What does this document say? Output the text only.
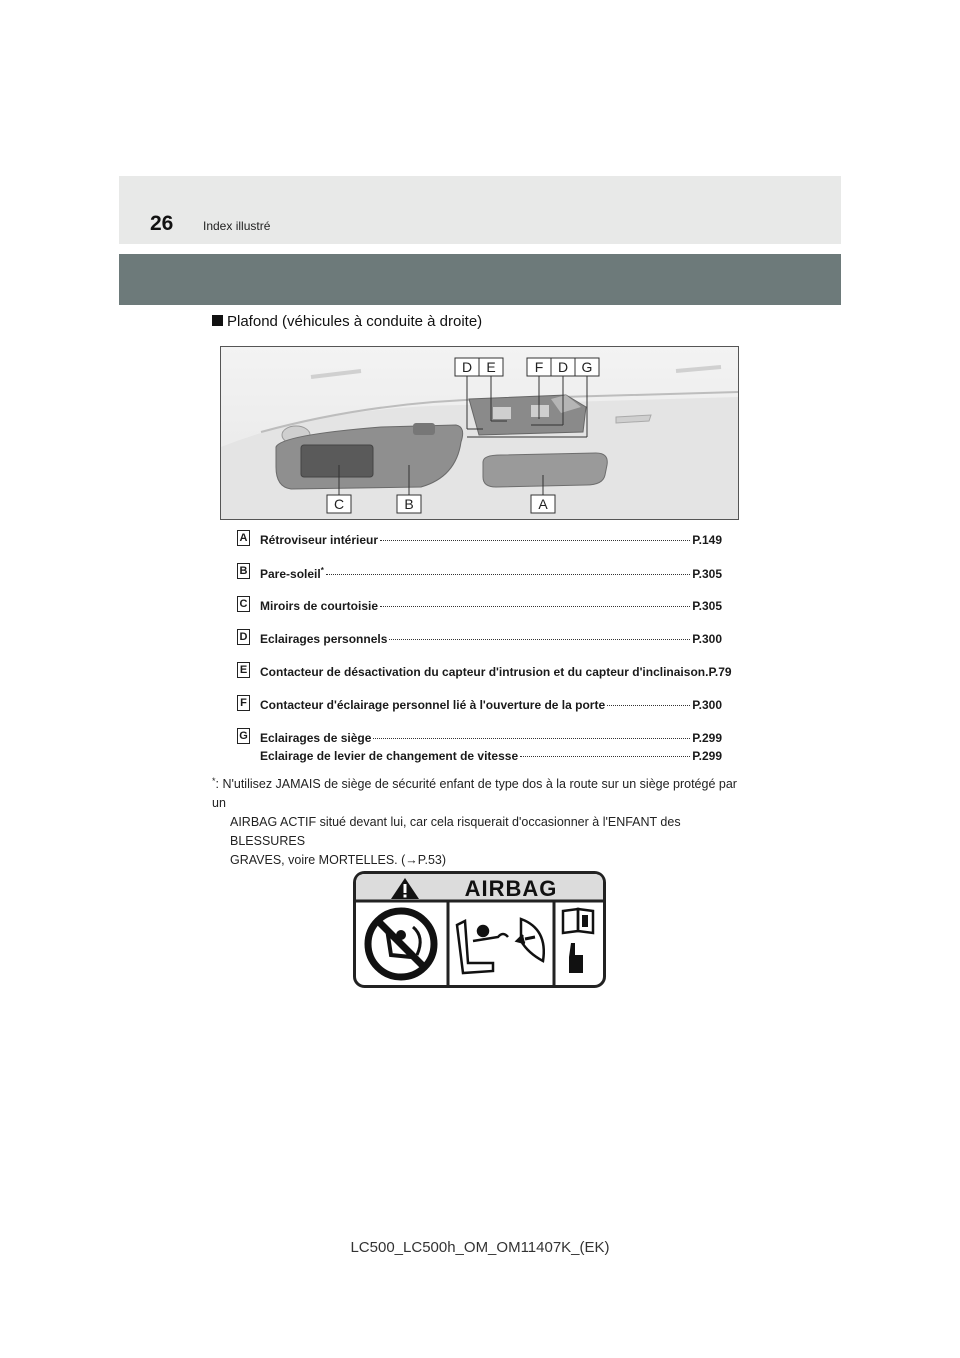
26 Index illustré
Plafond (véhicules à conduite à droite)
D E	F D G
C	B	A
A Rétroviseur intérieur	P.149
B Pare-soleil*	P.305
C Miroirs de courtoisie	P.305
D Eclairages personnels	P.300
E Contacteur de désactivation du capteur d'intrusion et du capteur d'inclinaison. P.79
F Contacteur d'éclairage personnel lié à l'ouverture de la porte	P.300
G Eclairages de siège	P.299
Eclairage de levier de changement de vitesse	P.299
*: N'utilisez JAMAIS de siège de sécurité enfant de type dos à la route sur un siège protégé par un
AIRBAG ACTIF situé devant lui, car cela risquerait d'occasionner à l'ENFANT des BLESSURES
GRAVES, voire MORTELLES. (→P.53)
AIRBAG
LC500_LC500h_OM_OM11407K_(EK)
